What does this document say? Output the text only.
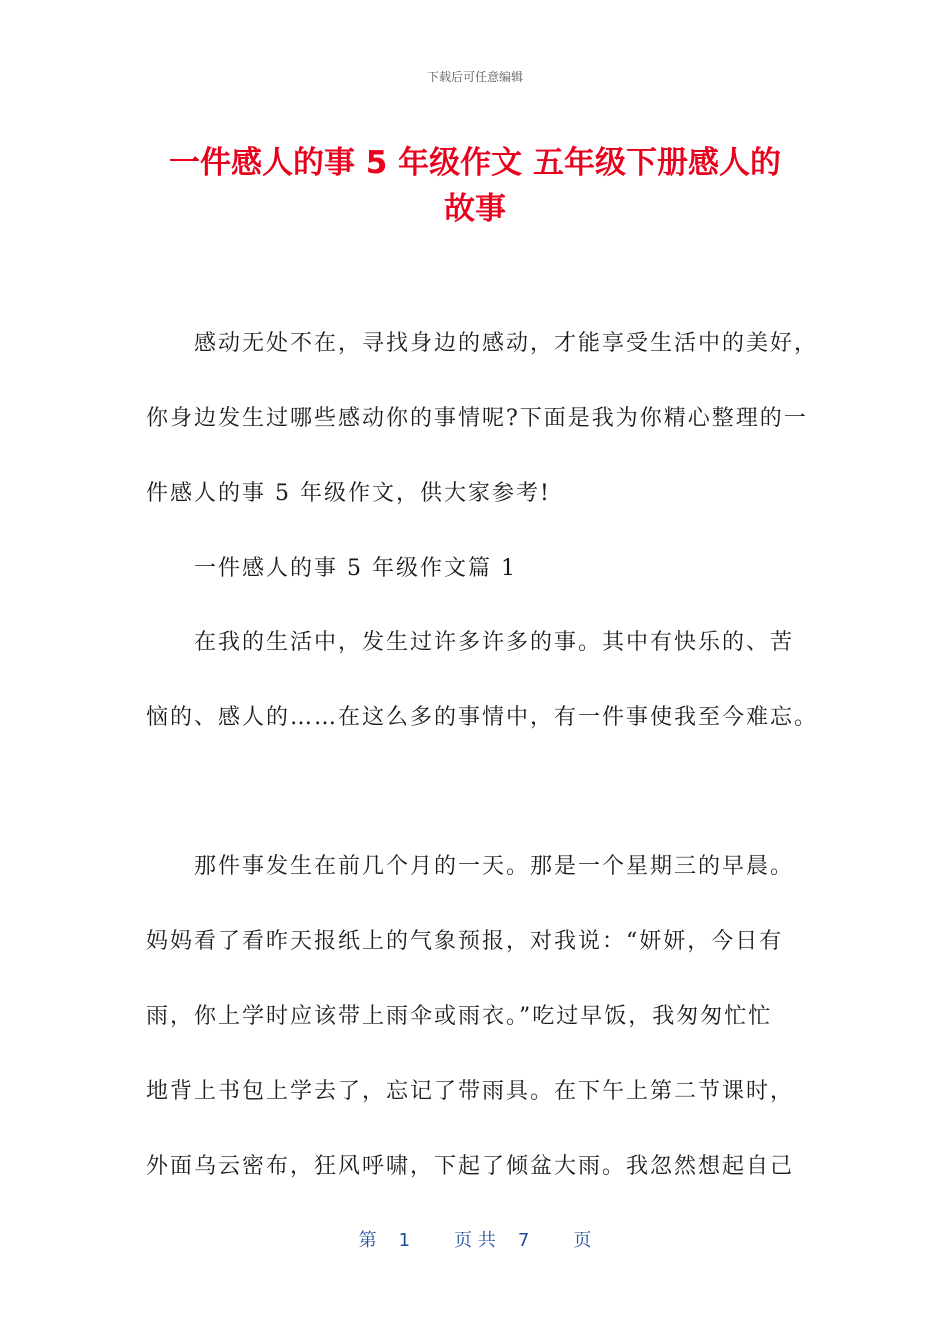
下载后可任意编辑
一件感人的事 5 年级作文 五年级下册感人的
故事
感动无处不在，寻找身边的感动，才能享受生活中的美好，
你身边发生过哪些感动你的事情呢?下面是我为你精心整理的一
件感人的事 5 年级作文，供大家参考!
一件感人的事 5 年级作文篇 1
在我的生活中，发生过许多许多的事。其中有快乐的、苦
恼的、感人的……在这么多的事情中，有一件事使我至今难忘。
那件事发生在前几个月的一天。那是一个星期三的早晨。
妈妈看了看昨天报纸上的气象预报，对我说：“妍妍，今日有
雨，你上学时应该带上雨伞或雨衣。”吃过早饭，我匆匆忙忙
地背上书包上学去了，忘记了带雨具。在下午上第二节课时，
外面乌云密布，狂风呼啸，下起了倾盆大雨。我忽然想起自己
第 1 页 共 7 页
